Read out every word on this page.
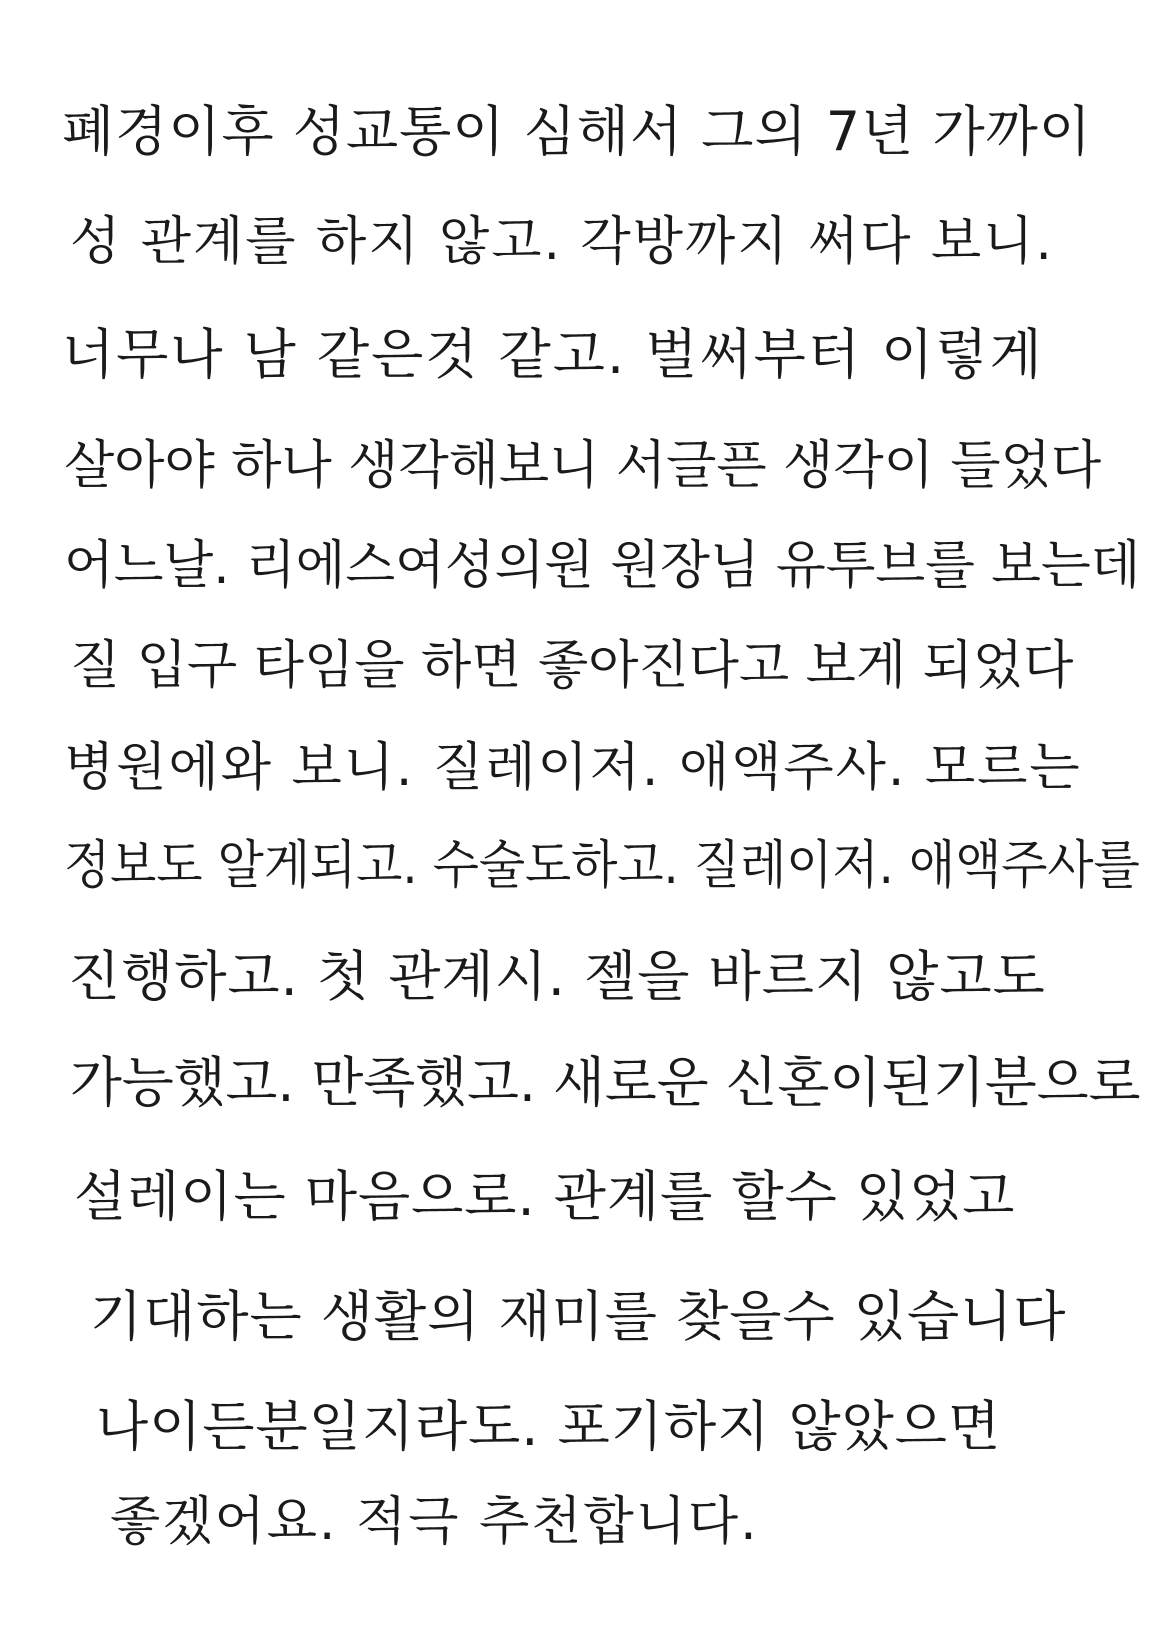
폐경이후 성교통이 심해서 그의 7년 가까이
성 관계를 하지 않고. 각방까지 써다 보니.
너무나 남 같은것 같고. 벌써부터 이렇게
살아야 하나 생각해보니 서글픈 생각이 들었다
어느날. 리에스여성의원 원장님 유투브를 보는데
질 입구 타임을 하면 좋아진다고 보게 되었다
병원에와 보니. 질레이저. 애액주사. 모르는
정보도 알게되고. 수술도하고. 질레이저. 애액주사를
진행하고. 첫 관계시. 젤을 바르지 않고도
가능했고. 만족했고. 새로운 신혼이된기분으로
설레이는 마음으로. 관계를 할수 있었고
기대하는 생활의 재미를 찾을수 있습니다
나이든분일지라도. 포기하지 않았으면
좋겠어요. 적극 추천합니다.
